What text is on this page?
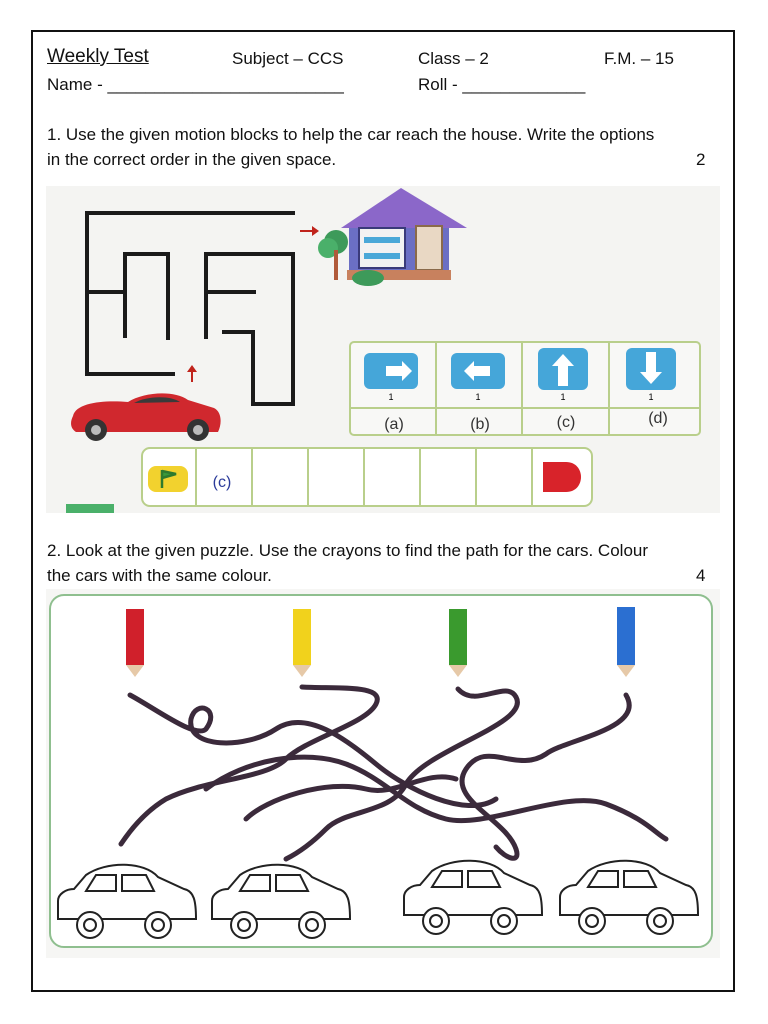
Weekly Test	Subject – CCS	Class – 2	F.M. – 15
Name - _________________________	Roll - _____________
1. Use the given motion blocks to help the car reach the house. Write the options
in the correct order in the given space.	2
1	1	1	1
(a)	(b)	(c)	(d)
(c)
2. Look at the given puzzle. Use the crayons to find the path for the cars. Colour
the cars with the same colour.	4
